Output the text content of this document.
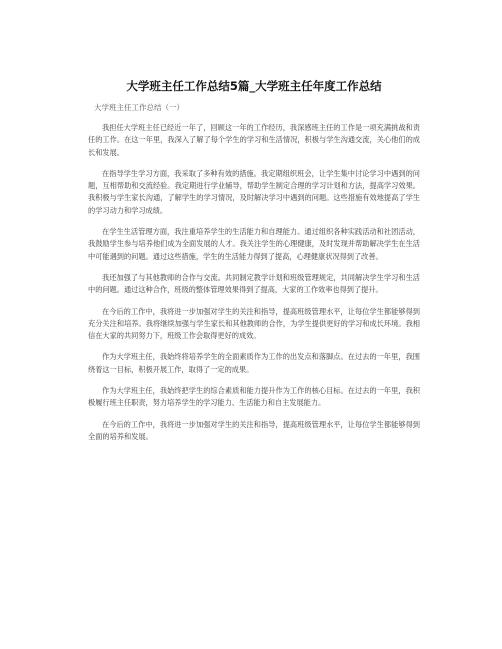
大学班主任工作总结5篇_大学班主任年度工作总结
大学班主任工作总结（一）

我担任大学班主任已经近一年了，回顾这一年的工作经历，我深感班主任的工作是一项充满挑战和责任的工作。在这一年里，我深入了解了每个学生的学习和生活情况，积极与学生沟通交流，关心他们的成长和发展。

在指导学生学习方面，我采取了多种有效的措施。我定期组织班会，让学生集中讨论学习中遇到的问题，互相帮助和交流经验。我定期进行学业辅导，帮助学生制定合理的学习计划和方法，提高学习效果。我积极与学生家长沟通，了解学生的学习情况，及时解决学习中遇到的问题。这些措施有效地提高了学生的学习动力和学习成绩。

在学生生活管理方面，我注重培养学生的生活能力和自理能力。通过组织各种实践活动和社团活动，我鼓励学生参与培养他们成为全面发展的人才。我关注学生的心理健康，及时发现并帮助解决学生在生活中可能遇到的问题。通过这些措施，学生的生活能力得到了提高，心理健康状况得到了改善。

我还加强了与其他教师的合作与交流。共同制定教学计划和班级管理规定，共同解决学生学习和生活中的问题。通过这种合作，班级的整体管理效果得到了提高，大家的工作效率也得到了提升。

在今后的工作中，我将进一步加强对学生的关注和指导，提高班级管理水平，让每位学生都能够得到充分关注和培养。我将继续加强与学生家长和其他教师的合作，为学生提供更好的学习和成长环境。我相信在大家的共同努力下，班级工作会取得更好的成效。

作为大学班主任，我始终将培养学生的全面素质作为工作的出发点和落脚点。在过去的一年里，我围绕着这一目标，积极开展工作，取得了一定的成果。

作为大学班主任，我始终把学生的综合素质和能力提升作为工作的核心目标。在过去的一年里，我积极履行班主任职责，努力培养学生的学习能力、生活能力和自主发展能力。

在今后的工作中，我将进一步加强对学生的关注和指导，提高班级管理水平，让每位学生都能够得到全面的培养和发展。
